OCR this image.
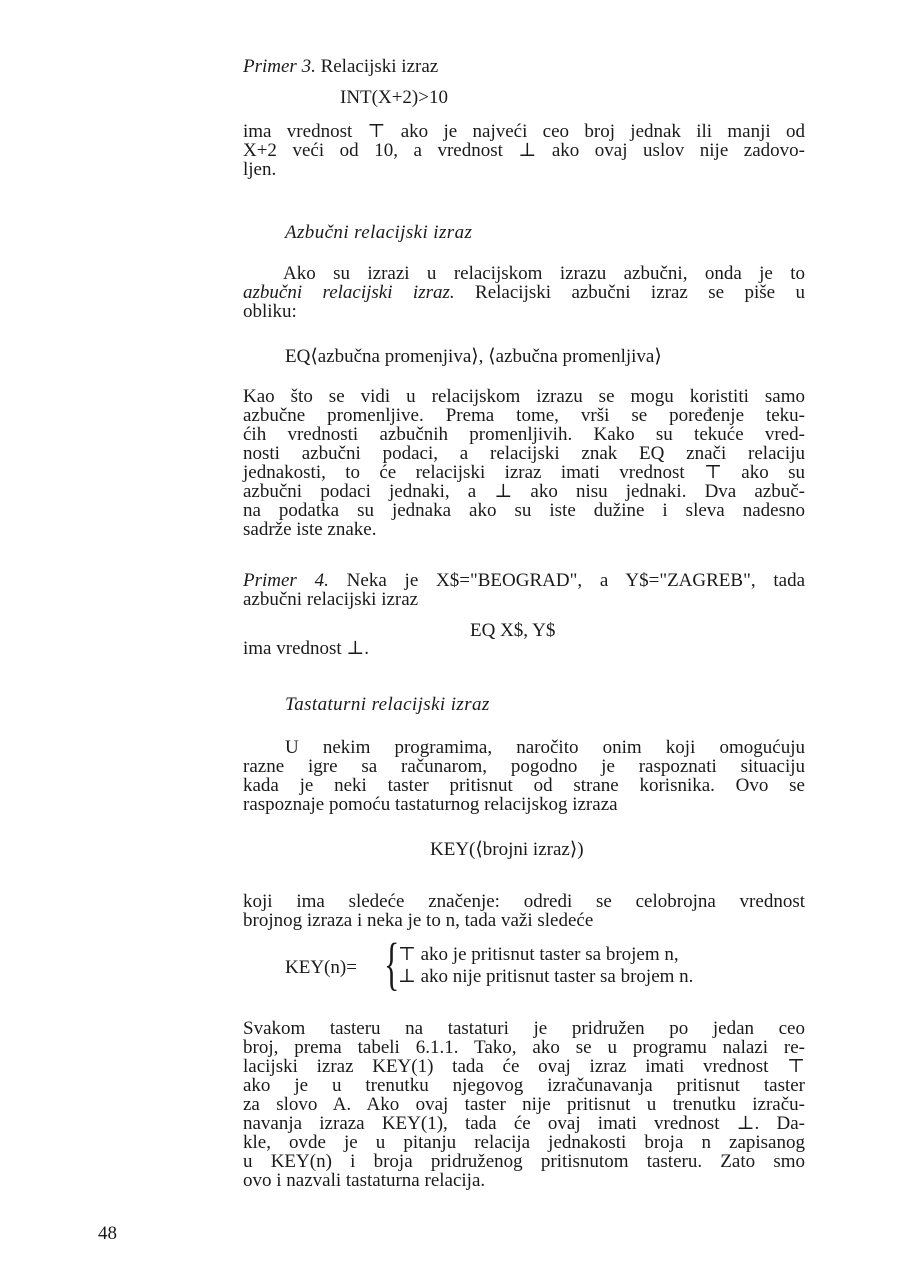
Primer 3. Relacijski izraz
INT(X+2)>10
ima vrednost ⊤ ako je najveći ceo broj jednak ili manji od
X+2 veći od 10, a vrednost ⊥ ako ovaj uslov nije zadovo-
ljen.
Azbučni relacijski izraz
Ako su izrazi u relacijskom izrazu azbučni, onda je to
azbučni relacijski izraz. Relacijski azbučni izraz se piše u
obliku:
EQ⟨azbučna promenjiva⟩, ⟨azbučna promenljiva⟩
Kao što se vidi u relacijskom izrazu se mogu koristiti samo
azbučne promenljive. Prema tome, vrši se poređenje teku-
ćih vrednosti azbučnih promenljivih. Kako su tekuće vred-
nosti azbučni podaci, a relacijski znak EQ znači relaciju
jednakosti, to će relacijski izraz imati vrednost ⊤ ako su
azbučni podaci jednaki, a ⊥ ako nisu jednaki. Dva azbuč-
na podatka su jednaka ako su iste dužine i sleva nadesno
sadrže iste znake.
Primer 4. Neka je X$="BEOGRAD", a Y$="ZAGREB", tada
azbučni relacijski izraz
EQ X$, Y$
ima vrednost ⊥.
Tastaturni relacijski izraz
U nekim programima, naročito onim koji omogućuju
razne igre sa računarom, pogodno je raspoznati situaciju
kada je neki taster pritisnut od strane korisnika. Ovo se
raspoznaje pomoću tastaturnog relacijskog izraza
KEY(⟨brojni izraz⟩)
koji ima sledeće značenje: odredi se celobrojna vrednost
brojnog izraza i neka je to n, tada važi sledeće
KEY(n)= {
⊤ ako je pritisnut taster sa brojem n,
⊥ ako nije pritisnut taster sa brojem n.
Svakom tasteru na tastaturi je pridružen po jedan ceo
broj, prema tabeli 6.1.1. Tako, ako se u programu nalazi re-
lacijski izraz KEY(1) tada će ovaj izraz imati vrednost ⊤
ako je u trenutku njegovog izračunavanja pritisnut taster
za slovo A. Ako ovaj taster nije pritisnut u trenutku izraču-
navanja izraza KEY(1), tada će ovaj imati vrednost ⊥. Da-
kle, ovde je u pitanju relacija jednakosti broja n zapisanog
u KEY(n) i broja pridruženog pritisnutom tasteru. Zato smo
ovo i nazvali tastaturna relacija.
48
